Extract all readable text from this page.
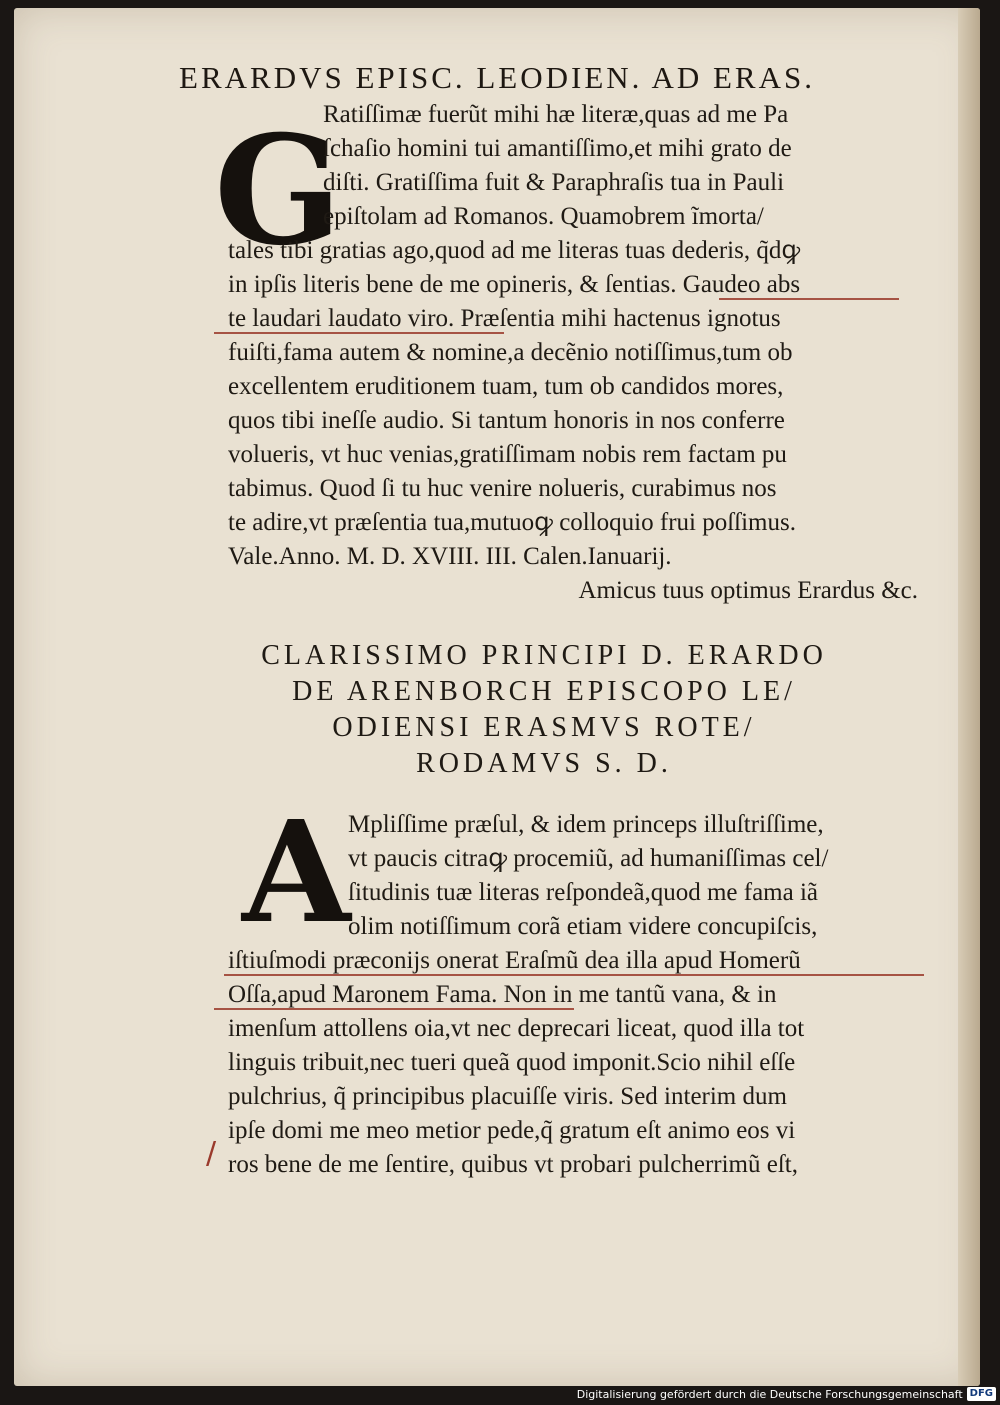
ERARDVS EPISC. LEODIEN. AD ERAS.
G
Ratiſſimæ fuerũt mihi hæ literæ,quas ad me Pa
ſchaſio homini tui amantiſſimo,et mihi grato de
diſti. Gratiſſima fuit & Paraphraſis tua in Pauli
epiſtolam ad Romanos. Quamobrem ĩmorta/
tales tibi gratias ago,quod ad me literas tuas dederis, q̃dꝙ
in ipſis literis bene de me opineris, & ſentias. Gaudeo abs
te laudari laudato viro. Præſentia mihi hactenus ignotus
fuiſti,fama autem & nomine,a decẽnio notiſſimus,tum ob
excellentem eruditionem tuam, tum ob candidos mores,
quos tibi ineſſe audio. Si tantum honoris in nos conferre
volueris, vt huc venias,gratiſſimam nobis rem factam pu
tabimus. Quod ſi tu huc venire nolueris, curabimus nos
te adire,vt præſentia tua,mutuoꝙ colloquio frui poſſimus.
Vale.Anno. M. D. XVIII. III. Calen.Ianuarĳ.
Amicus tuus optimus Erardus &c.
CLARISSIMO PRINCIPI D. ERARDO
DE ARENBORCH EPISCOPO LE/
ODIENSI ERASMVS ROTE/
RODAMVS S. D.
A
Mpliſſime præſul, & idem princeps illuſtriſſime,
vt paucis citraꝙ procemiũ, ad humaniſſimas cel/
ſitudinis tuæ literas reſpondeã,quod me fama iã
olim notiſſimum corã etiam videre concupiſcis,
iſtiuſmodi præconĳs onerat Eraſmũ dea illa apud Homerũ
Oſſa,apud Maronem Fama. Non in me tantũ vana, & in
imenſum attollens oia,vt nec deprecari liceat, quod illa tot
linguis tribuit,nec tueri queã quod imponit.Scio nihil eſſe
pulchrius, q̃ principibus placuiſſe viris. Sed interim dum
ipſe domi me meo metior pede,q̃ gratum eſt animo eos vi
ros bene de me ſentire, quibus vt probari pulcherrimũ eſt,
/
Digitalisierung gefördert durch die Deutsche Forschungsgemeinschaft DFG
